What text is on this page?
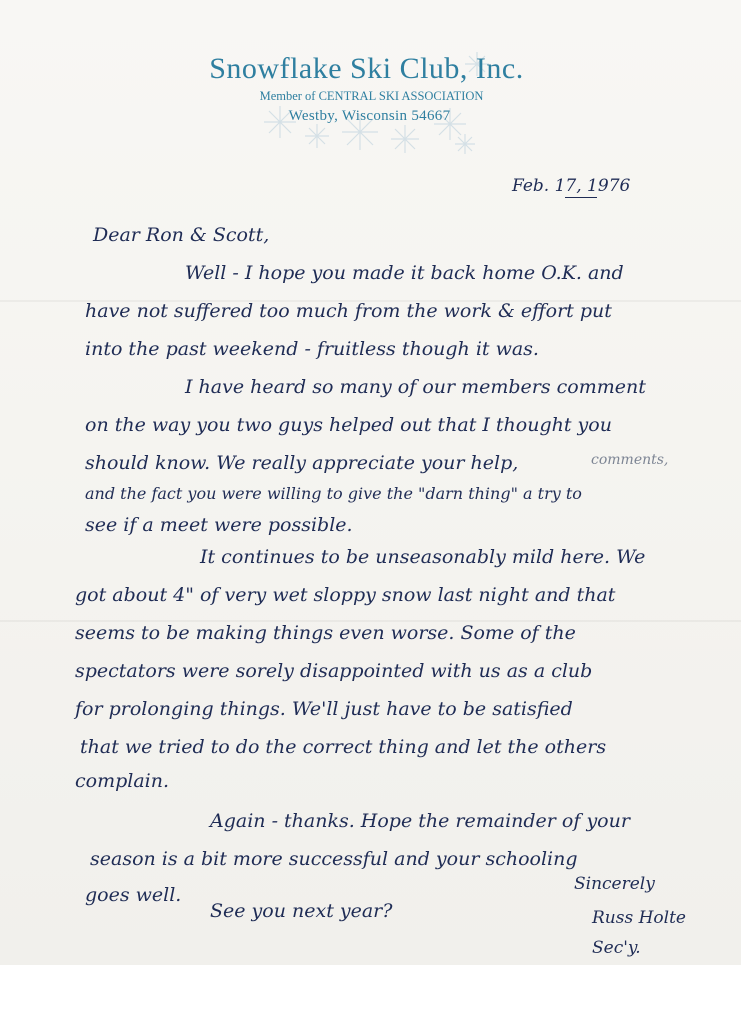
Snowflake Ski Club, Inc.
Member of CENTRAL SKI ASSOCIATION
Westby, Wisconsin 54667
Feb. 17, 1976
Dear Ron & Scott,
Well - I hope you made it back home O.K. and
have not suffered too much from the work & effort put
into the past weekend - fruitless though it was.
I have heard so many of our members comment
on the way you two guys helped out that I thought you
should know. We really appreciate your help,	comments,
and the fact you were willing to give the "darn thing" a try to
see if a meet were possible.
It continues to be unseasonably mild here. We
got about 4" of very wet sloppy snow last night and that
seems to be making things even worse. Some of the
spectators were sorely disappointed with us as a club
for prolonging things. We'll just have to be satisfied
that we tried to do the correct thing and let the others
complain.
Again - thanks. Hope the remainder of your
season is a bit more successful and your schooling
goes well.
See you next year?
Sincerely
Russ Holte
Sec'y.
